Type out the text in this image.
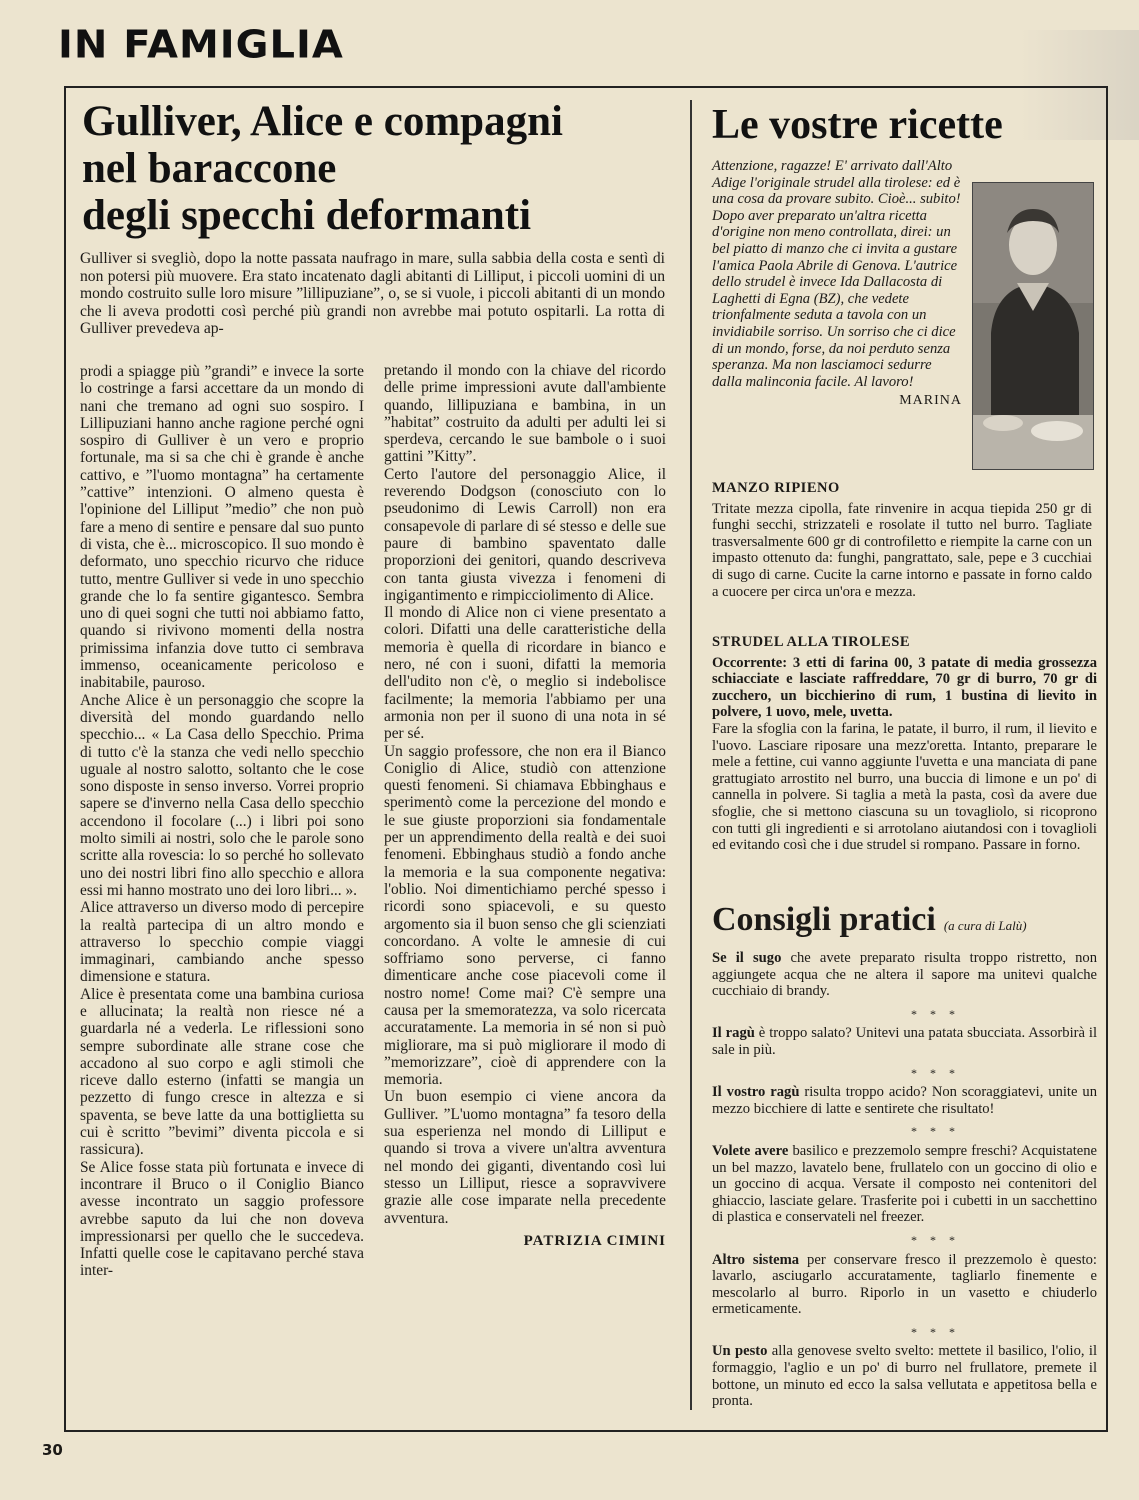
IN FAMIGLIA
Gulliver, Alice e compagni
nel baraccone
degli specchi deformanti

Gulliver si svegliò, dopo la notte passata naufrago in mare, sulla sabbia della costa e sentì di non potersi più muovere. Era stato incatenato dagli abitanti di Lilliput, i piccoli uomini di un mondo costruito sulle loro misure ”lillipuziane”, o, se si vuole, i piccoli abitanti di un mondo che li aveva prodotti così perché più grandi non avrebbe mai potuto ospitarli. La rotta di Gulliver prevedeva ap-

prodi a spiagge più ”grandi” e invece la sorte lo costringe a farsi accettare da un mondo di nani che tremano ad ogni suo sospiro. I Lillipuziani hanno anche ragione perché ogni sospiro di Gulliver è un vero e proprio fortunale, ma si sa che chi è grande è anche cattivo, e ”l'uomo montagna” ha certamente ”cattive” intenzioni. O almeno questa è l'opinione del Lilliput ”medio” che non può fare a meno di sentire e pensare dal suo punto di vista, che è... microscopico. Il suo mondo è deformato, uno specchio ricurvo che riduce tutto, mentre Gulliver si vede in uno specchio grande che lo fa sentire gigantesco. Sembra uno di quei sogni che tutti noi abbiamo fatto, quando si rivivono momenti della nostra primissima infanzia dove tutto ci sembrava immenso, oceanicamente pericoloso e inabitabile, pauroso.

Anche Alice è un personaggio che scopre la diversità del mondo guardando nello specchio... « La Casa dello Specchio. Prima di tutto c'è la stanza che vedi nello specchio uguale al nostro salotto, soltanto che le cose sono disposte in senso inverso. Vorrei proprio sapere se d'inverno nella Casa dello specchio accendono il focolare (...) i libri poi sono molto simili ai nostri, solo che le parole sono scritte alla rovescia: lo so perché ho sollevato uno dei nostri libri fino allo specchio e allora essi mi hanno mostrato uno dei loro libri... ».

Alice attraverso un diverso modo di percepire la realtà partecipa di un altro mondo e attraverso lo specchio compie viaggi immaginari, cambiando anche spesso dimensione e statura.

Alice è presentata come una bambina curiosa e allucinata; la realtà non riesce né a guardarla né a vederla. Le riflessioni sono sempre subordinate alle strane cose che accadono al suo corpo e agli stimoli che riceve dallo esterno (infatti se mangia un pezzetto di fungo cresce in altezza e si spaventa, se beve latte da una bottiglietta su cui è scritto ”bevimi” diventa piccola e si rassicura).

Se Alice fosse stata più fortunata e invece di incontrare il Bruco o il Coniglio Bianco avesse incontrato un saggio professore avrebbe saputo da lui che non doveva impressionarsi per quello che le succedeva. Infatti quelle cose le capitavano perché stava inter-

pretando il mondo con la chiave del ricordo delle prime impressioni avute dall'ambiente quando, lillipuziana e bambina, in un ”habitat” costruito da adulti per adulti lei si sperdeva, cercando le sue bambole o i suoi gattini ”Kitty”.

Certo l'autore del personaggio Alice, il reverendo Dodgson (conosciuto con lo pseudonimo di Lewis Carroll) non era consapevole di parlare di sé stesso e delle sue paure di bambino spaventato dalle proporzioni dei genitori, quando descriveva con tanta giusta vivezza i fenomeni di ingigantimento e rimpicciolimento di Alice.

Il mondo di Alice non ci viene presentato a colori. Difatti una delle caratteristiche della memoria è quella di ricordare in bianco e nero, né con i suoni, difatti la memoria dell'udito non c'è, o meglio si indebolisce facilmente; la memoria l'abbiamo per una armonia non per il suono di una nota in sé per sé.

Un saggio professore, che non era il Bianco Coniglio di Alice, studiò con attenzione questi fenomeni. Si chiamava Ebbinghaus e sperimentò come la percezione del mondo e le sue giuste proporzioni sia fondamentale per un apprendimento della realtà e dei suoi fenomeni. Ebbinghaus studiò a fondo anche la memoria e la sua componente negativa: l'oblio. Noi dimentichiamo perché spesso i ricordi sono spiacevoli, e su questo argomento sia il buon senso che gli scienziati concordano. A volte le amnesie di cui soffriamo sono perverse, ci fanno dimenticare anche cose piacevoli come il nostro nome! Come mai? C'è sempre una causa per la smemoratezza, va solo ricercata accuratamente. La memoria in sé non si può migliorare, ma si può migliorare il modo di ”memorizzare”, cioè di apprendere con la memoria.

Un buon esempio ci viene ancora da Gulliver. ”L'uomo montagna” fa tesoro della sua esperienza nel mondo di Lilliput e quando si trova a vivere un'altra avventura nel mondo dei giganti, diventando così lui stesso un Lilliput, riesce a sopravvivere grazie alle cose imparate nella precedente avventura.

PATRIZIA CIMINI

Le vostre ricette

Attenzione, ragazze! E' arrivato dall'Alto Adige l'originale strudel alla tirolese: ed è una cosa da provare subito. Cioè... subito! Dopo aver preparato un'altra ricetta d'origine non meno controllata, direi: un bel piatto di manzo che ci invita a gustare l'amica Paola Abrile di Genova. L'autrice dello strudel è invece Ida Dallacosta di Laghetti di Egna (BZ), che vedete trionfalmente seduta a tavola con un invidiabile sorriso. Un sorriso che ci dice di un mondo, forse, da noi perduto senza speranza. Ma non lasciamoci sedurre dalla malinconia facile. Al lavoro!
MARINA

MANZO RIPIENO

Tritate mezza cipolla, fate rinvenire in acqua tiepida 250 gr di funghi secchi, strizzateli e rosolate il tutto nel burro. Tagliate trasversalmente 600 gr di controfiletto e riempite la carne con un impasto ottenuto da: funghi, pangrattato, sale, pepe e 3 cucchiai di sugo di carne. Cucite la carne intorno e passate in forno caldo a cuocere per circa un'ora e mezza.

STRUDEL ALLA TIROLESE

Occorrente: 3 etti di farina 00, 3 patate di media grossezza schiacciate e lasciate raffreddare, 70 gr di burro, 70 gr di zucchero, un bicchierino di rum, 1 bustina di lievito in polvere, 1 uovo, mele, uvetta.

Fare la sfoglia con la farina, le patate, il burro, il rum, il lievito e l'uovo. Lasciare riposare una mezz'oretta. Intanto, preparare le mele a fettine, cui vanno aggiunte l'uvetta e una manciata di pane grattugiato arrostito nel burro, una buccia di limone e un po' di cannella in polvere. Si taglia a metà la pasta, così da avere due sfoglie, che si mettono ciascuna su un tovagliolo, si ricoprono con tutti gli ingredienti e si arrotolano aiutandosi con i tovaglioli ed evitando così che i due strudel si rompano. Passare in forno.

Consigli pratici (a cura di Lalù)

Se il sugo che avete preparato risulta troppo ristretto, non aggiungete acqua che ne altera il sapore ma unitevi qualche cucchiaio di brandy.

* * *

Il ragù è troppo salato? Unitevi una patata sbucciata. Assorbirà il sale in più.

* * *

Il vostro ragù risulta troppo acido? Non scoraggiatevi, unite un mezzo bicchiere di latte e sentirete che risultato!

* * *

Volete avere basilico e prezzemolo sempre freschi? Acquistatene un bel mazzo, lavatelo bene, frullatelo con un goccino di olio e un goccino di acqua. Versate il composto nei contenitori del ghiaccio, lasciate gelare. Trasferite poi i cubetti in un sacchettino di plastica e conservateli nel freezer.

* * *

Altro sistema per conservare fresco il prezzemolo è questo: lavarlo, asciugarlo accuratamente, tagliarlo finemente e mescolarlo al burro. Riporlo in un vasetto e chiuderlo ermeticamente.

* * *

Un pesto alla genovese svelto svelto: mettete il basilico, l'olio, il formaggio, l'aglio e un po' di burro nel frullatore, premete il bottone, un minuto ed ecco la salsa vellutata e appetitosa bella e pronta.

30
